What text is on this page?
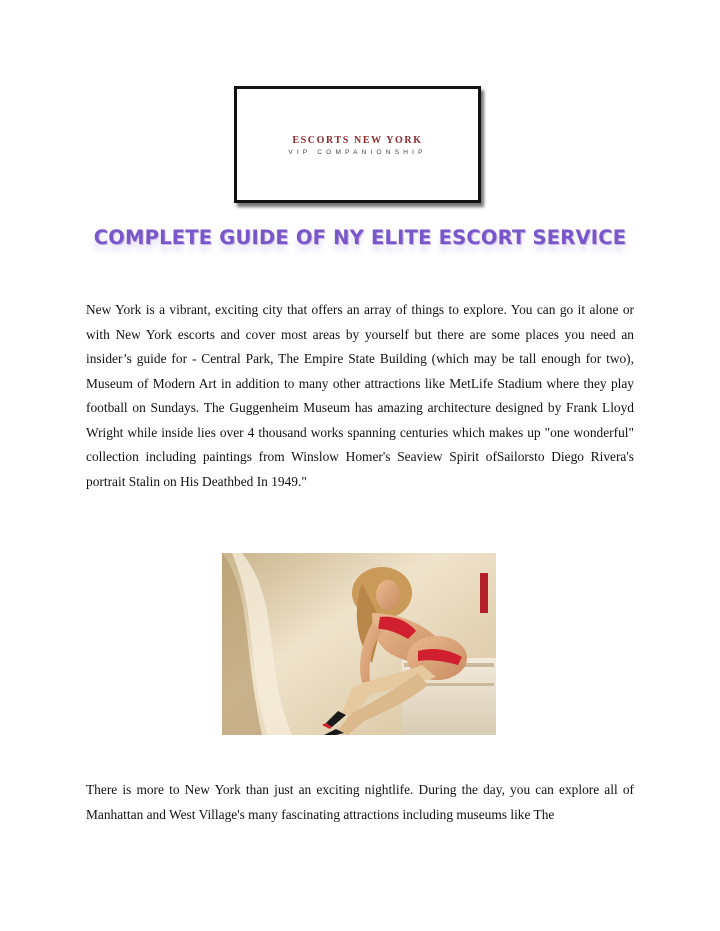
ESCORTS NEW YORK
VIP COMPANIONSHIP
COMPLETE GUIDE OF NY ELITE ESCORT SERVICE
New York is a vibrant, exciting city that offers an array of things to explore. You can go it alone or with New York escorts and cover most areas by yourself but there are some places you need an insider’s guide for - Central Park, The Empire State Building (which may be tall enough for two), Museum of Modern Art in addition to many other attractions like MetLife Stadium where they play football on Sundays. The Guggenheim Museum has amazing architecture designed by Frank Lloyd Wright while inside lies over 4 thousand works spanning centuries which makes up "one wonderful" collection including paintings from Winslow Homer's Seaview Spirit ofSailorsto Diego Rivera's portrait Stalin on His Deathbed In 1949."
There is more to New York than just an exciting nightlife. During the day, you can explore all of Manhattan and West Village's many fascinating attractions including museums like The
